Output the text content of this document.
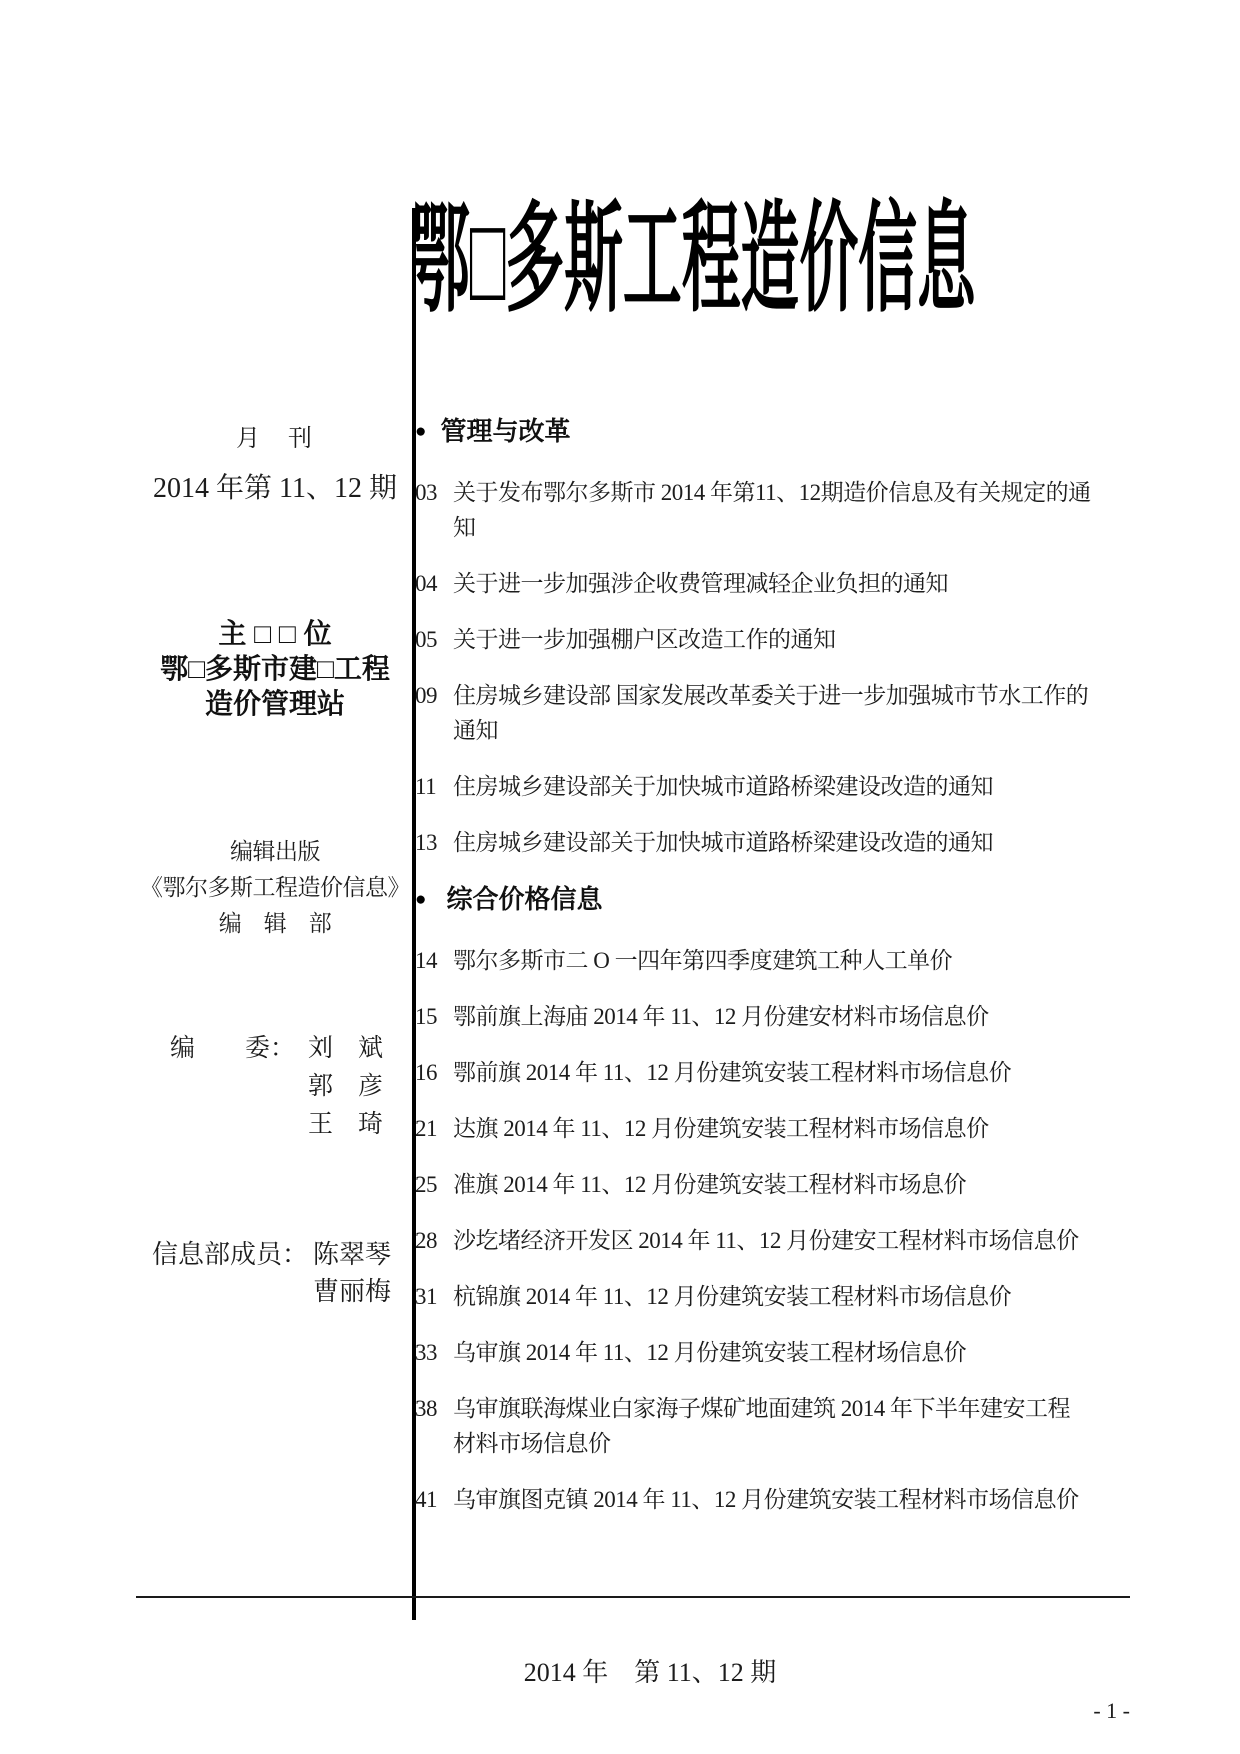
鄂□多斯工程造价信息
月　刊
2014 年第 11、12 期
主 □ □ 位
鄂□多斯市建□工程
造价管理站
编辑出版
《鄂尔多斯工程造价信息》
编　辑　部
编　　委： 刘　斌
郭　彦
王　琦
信息部成员： 陈翠琴
曹丽梅
● 管理与改革
03 关于发布鄂尔多斯市 2014 年第11、12期造价信息及有关规定的通知
04 关于进一步加强涉企收费管理减轻企业负担的通知
05 关于进一步加强棚户区改造工作的通知
09 住房城乡建设部 国家发展改革委关于进一步加强城市节水工作的通知
11 住房城乡建设部关于加快城市道路桥梁建设改造的通知
13 住房城乡建设部关于加快城市道路桥梁建设改造的通知
● 综合价格信息
14 鄂尔多斯市二 O 一四年第四季度建筑工种人工单价
15 鄂前旗上海庙 2014 年 11、12 月份建安材料市场信息价
16 鄂前旗 2014 年 11、12 月份建筑安装工程材料市场信息价
21 达旗 2014 年 11、12 月份建筑安装工程材料市场信息价
25 准旗 2014 年 11、12 月份建筑安装工程材料市场息价
28 沙圪堵经济开发区 2014 年 11、12 月份建安工程材料市场信息价
31 杭锦旗 2014 年 11、12 月份建筑安装工程材料市场信息价
33 乌审旗 2014 年 11、12 月份建筑安装工程材场信息价
38 乌审旗联海煤业白家海子煤矿地面建筑 2014 年下半年建安工程材料市场信息价
41 乌审旗图克镇 2014 年 11、12 月份建筑安装工程材料市场信息价
2014 年　第 11、12 期
- 1 -
